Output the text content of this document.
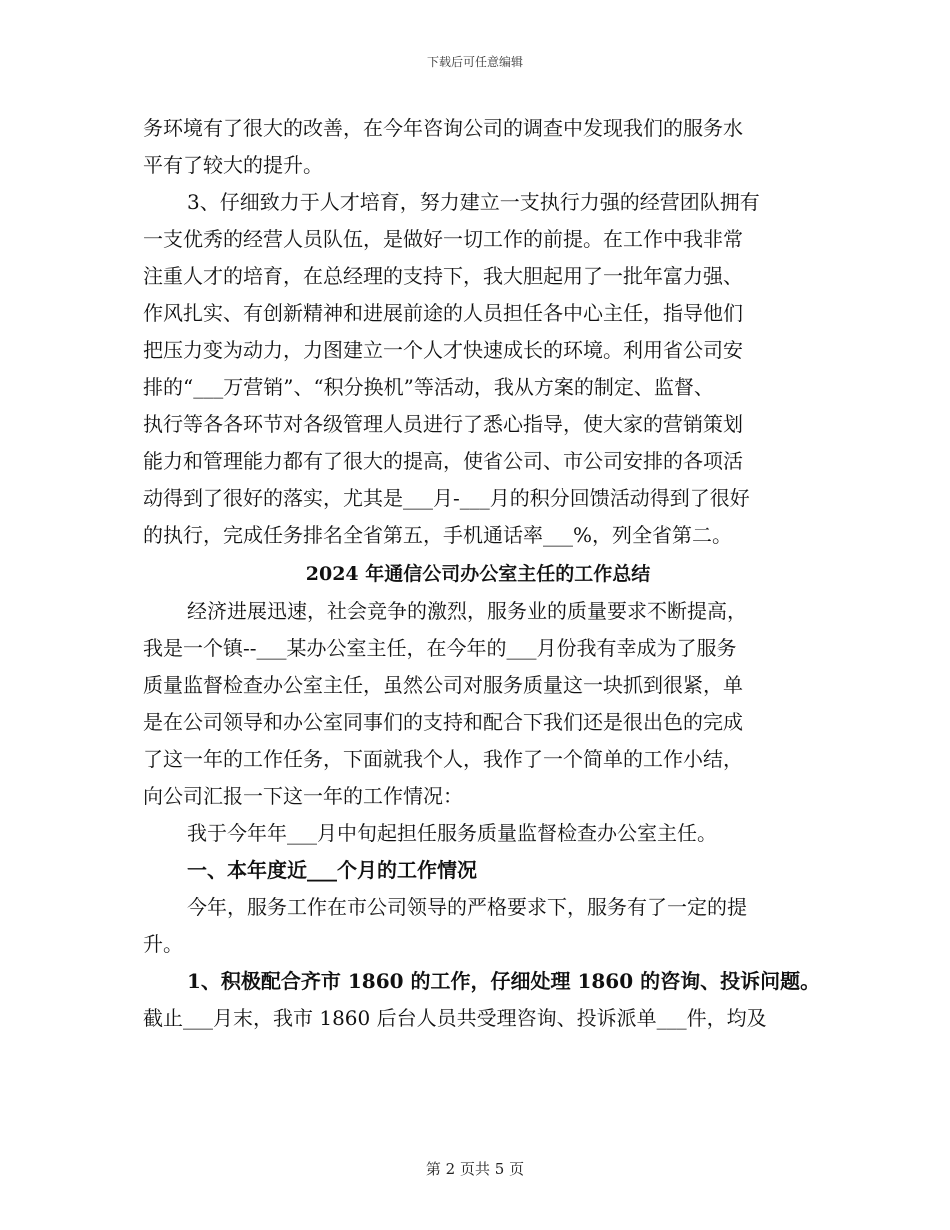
下载后可任意编辑
务环境有了很大的改善，在今年咨询公司的调查中发现我们的服务水
平有了较大的提升。
3、仔细致力于人才培育，努力建立一支执行力强的经营团队拥有
一支优秀的经营人员队伍，是做好一切工作的前提。在工作中我非常
注重人才的培育，在总经理的支持下，我大胆起用了一批年富力强、
作风扎实、有创新精神和进展前途的人员担任各中心主任，指导他们
把压力变为动力，力图建立一个人才快速成长的环境。利用省公司安
排的“___万营销”、“积分换机”等活动，我从方案的制定、监督、
执行等各各环节对各级管理人员进行了悉心指导，使大家的营销策划
能力和管理能力都有了很大的提高，使省公司、市公司安排的各项活
动得到了很好的落实，尤其是___月-___月的积分回馈活动得到了很好
的执行，完成任务排名全省第五，手机通话率___%，列全省第二。
2024 年通信公司办公室主任的工作总结
经济进展迅速，社会竞争的激烈，服务业的质量要求不断提高，
我是一个镇--___某办公室主任，在今年的___月份我有幸成为了服务
质量监督检查办公室主任，虽然公司对服务质量这一块抓到很紧，单
是在公司领导和办公室同事们的支持和配合下我们还是很出色的完成
了这一年的工作任务，下面就我个人，我作了一个简单的工作小结，
向公司汇报一下这一年的工作情况：
我于今年年___月中旬起担任服务质量监督检查办公室主任。
一、本年度近___个月的工作情况
今年，服务工作在市公司领导的严格要求下，服务有了一定的提
升。
1、积极配合齐市 1860 的工作，仔细处理 1860 的咨询、投诉问题。
截止___月末，我市 1860 后台人员共受理咨询、投诉派单___件，均及
第 2 页共 5 页
